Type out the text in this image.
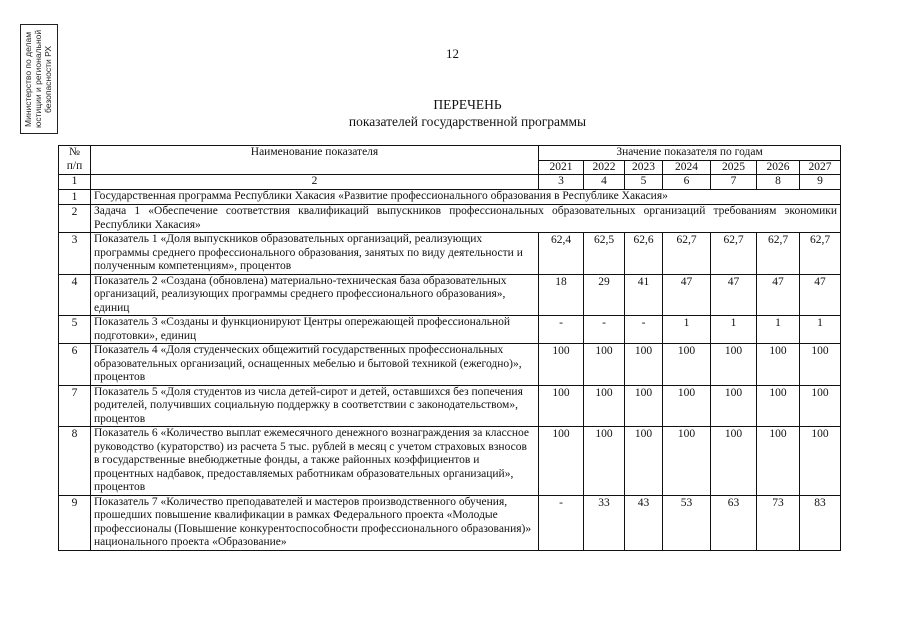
Министерство по делам юстиции и региональной безопасности РХ	12
ПЕРЕЧЕНЬ
показателей государственной программы
№
п/п	Наименование показателя	Значение показателя по годам						
		2021	2022	2023	2024	2025	2026	2027
1	2	3	4	5	6	7	8	9
1	Государственная программа Республики Хакасия «Развитие профессионального образования в Республике Хакасия»							
2	Задача 1 «Обеспечение соответствия квалификаций выпускников профессиональных образовательных организаций требованиям экономики Республики Хакасия»							
3	Показатель 1 «Доля выпускников образовательных организаций, реализующих программы среднего профессионального образования, занятых по виду деятельности и полученным компетенциям», процентов	62,4	62,5	62,6	62,7	62,7	62,7	62,7
4	Показатель 2 «Создана (обновлена) материально-техническая база образовательных организаций, реализующих программы среднего профессионального образования», единиц	18	29	41	47	47	47	47
5	Показатель 3 «Созданы и функционируют Центры опережающей профессиональной подготовки», единиц	-	-	-	1	1	1	1
6	Показатель 4 «Доля студенческих общежитий государственных профессиональных образовательных организаций, оснащенных мебелью и бытовой техникой (ежегодно)», процентов	100	100	100	100	100	100	100
7	Показатель 5 «Доля студентов из числа детей-сирот и детей, оставшихся без попечения родителей, получивших социальную поддержку в соответствии с законодательством», процентов	100	100	100	100	100	100	100
8	Показатель 6 «Количество выплат ежемесячного денежного вознаграждения за классное руководство (кураторство) из расчета 5 тыс. рублей в месяц с учетом страховых взносов в государственные внебюджетные фонды, а также районных коэффициентов и процентных надбавок, предоставляемых работникам образовательных организаций», процентов	100	100	100	100	100	100	100
9	Показатель 7 «Количество преподавателей и мастеров производственного обучения, прошедших повышение квалификации в рамках Федерального проекта «Молодые профессионалы (Повышение конкурентоспособности профессионального образования)» национального проекта «Образование»	-	33	43	53	63	73	83
